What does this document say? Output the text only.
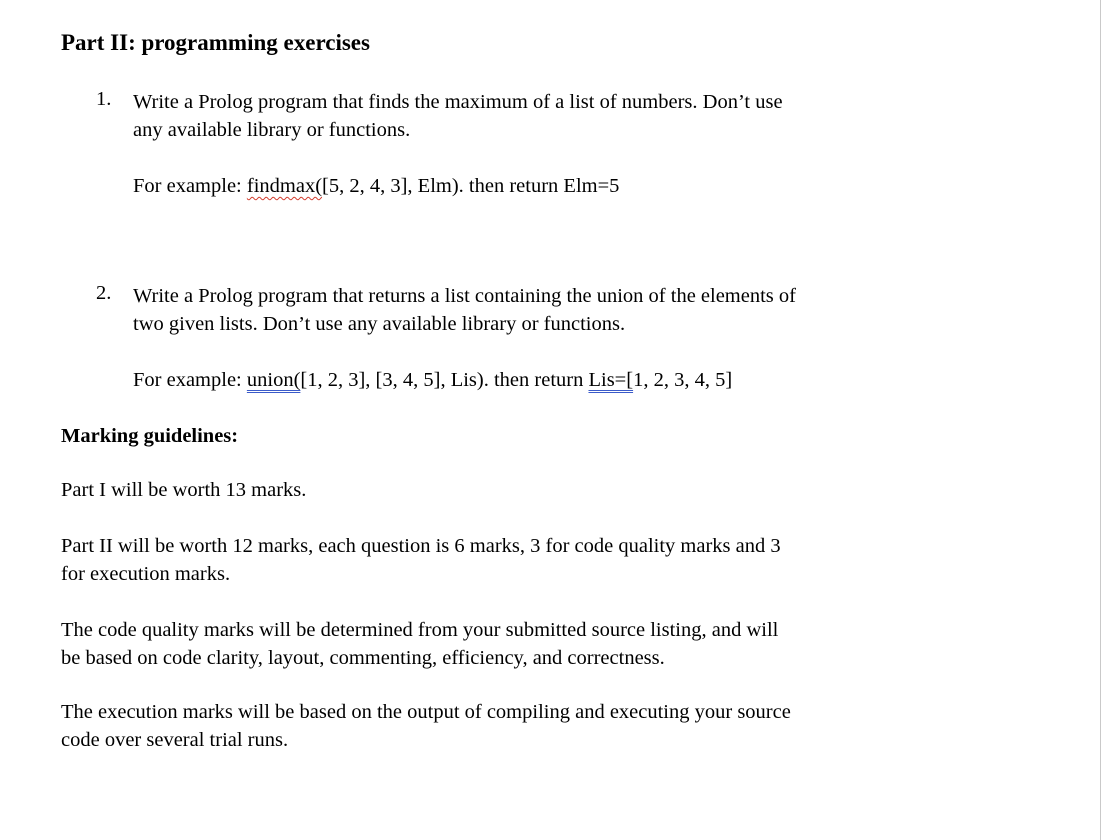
Part II: programming exercises
1. Write a Prolog program that finds the maximum of a list of numbers. Don’t use

any available library or functions.

For example: findmax([5, 2, 4, 3], Elm). then return Elm=5

2. Write a Prolog program that returns a list containing the union of the elements of

two given lists. Don’t use any available library or functions.

For example: union([1, 2, 3], [3, 4, 5], Lis). then return Lis=[1, 2, 3, 4, 5]

Marking guidelines:

Part I will be worth 13 marks.

Part II will be worth 12 marks, each question is 6 marks, 3 for code quality marks and 3

for execution marks.

The code quality marks will be determined from your submitted source listing, and will

be based on code clarity, layout, commenting, efficiency, and correctness.

The execution marks will be based on the output of compiling and executing your source

code over several trial runs.
